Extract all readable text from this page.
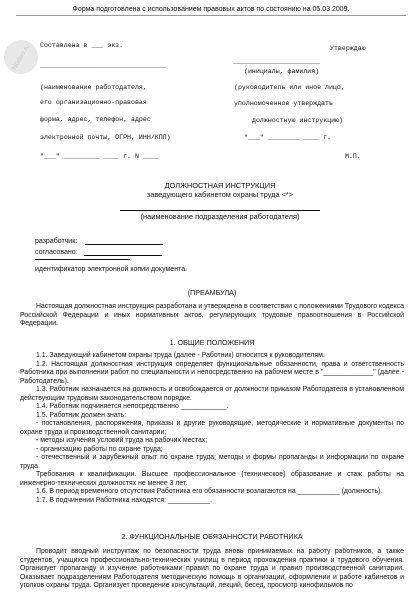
Форма подготовлена с использованием правовых актов по состоянию на 05.03.2009.
Nodeo.ru	Составлена в ___ экз.
________________________________
(наименование работодателя,
его организационно-правовая
форма, адрес, телефон, адрес
электронной почты, ОГРН, ИНН/КПП)
"___" _________ ____ г. N ____
Утверждаю
______________________
(инициалы, фамилия)
(руководитель или иное лицо,
уполномоченное утверждать
должностную инструкцию)
"___" ________ ____ г.
М.П.
ДОЛЖНОСТНАЯ ИНСТРУКЦИЯ
заведующего кабинетом охраны труда <*>
(наименование подразделения работодателя)
разработчик:
согласовано:
идентификатор электронной копии документа.
(ПРЕАМБУЛА)

Настоящая должностная инструкция разработана и утверждена в соответствии с положениями Трудового кодекса Российской Федерации и иных нормативных актов, регулирующих трудовые правоотношения в Российской Федерации.

1. ОБЩИЕ ПОЛОЖЕНИЯ

1.1. Заведующий кабинетом охраны труда (далее - Работник) относится к руководителям.

1.2. Настоящая должностная инструкция определяет функциональные обязанности, права и ответственность Работника при выполнении работ по специальности и непосредственно на рабочем месте в "_____________" (далее - Работодатель).

1.3. Работник назначается на должность и освобождается от должности приказом Работодателя в установленном действующим трудовым законодательством порядке.

1.4. Работник подчиняется непосредственно ____________.

1.5. Работник должен знать:

- постановления, распоряжения, приказы и другие руководящие, методические и нормативные документы по охране труда и производственной санитарии;

- методы изучения условий труда на рабочих местах;

- организацию работы по охране труда;

- отечественный и зарубежный опыт по охране труда; методы и формы пропаганды и информации по охране труда.

Требования к квалификации. Высшее профессиональное (техническое) образование и стаж работы на инженерно-технических должностях не менее 3 лет.

1.6. В период временного отсутствия Работника его обязанности возлагаются на ___________ (должность).

1.7. В подчинении Работника находятся: ___________.

2. ФУНКЦИОНАЛЬНЫЕ ОБЯЗАННОСТИ РАБОТНИКА

Проводит вводный инструктаж по безопасности труда вновь принимаемых на работу работников, а также студентов, учащихся профессионально-технических училищ в период прохождения практики и трудового обучения. Организует пропаганду и изучение работниками правил по охране труда и правил производственной санитарии. Оказывает подразделениям Работодателя методическую помощь в организации, оформлении и работе кабинетов и уголков охраны труда. Организует проведение консультаций, лекций, бесед, просмотр кинофильмов по
